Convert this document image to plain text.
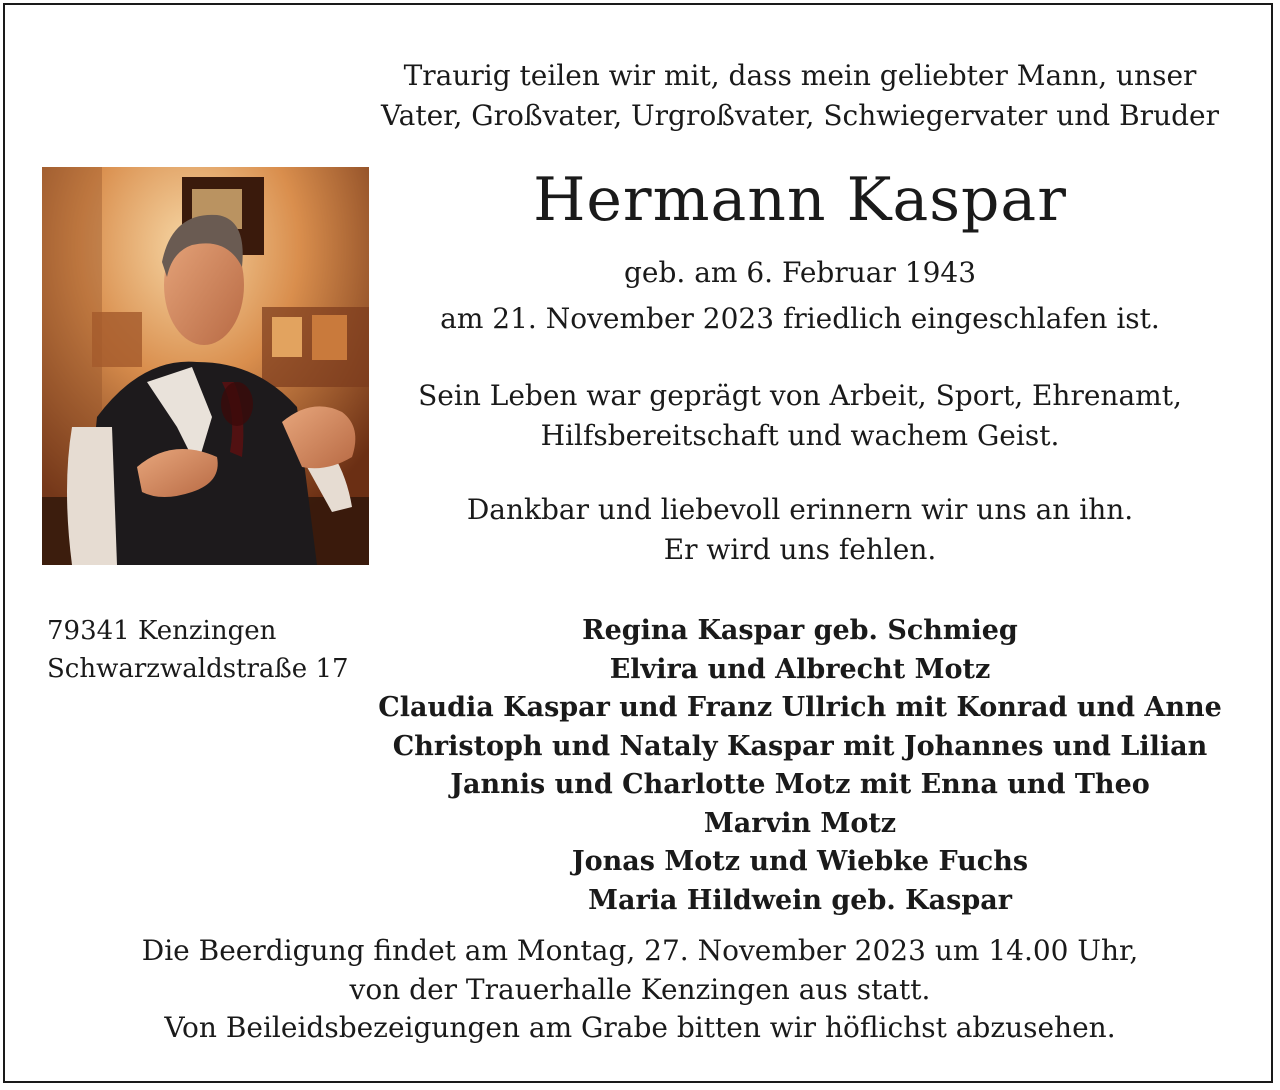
Traurig teilen wir mit, dass mein geliebter Mann, unser
Vater, Großvater, Urgroßvater, Schwiegervater und Bruder
Hermann Kaspar
geb. am 6. Februar 1943
am 21. November 2023 friedlich eingeschlafen ist.
Sein Leben war geprägt von Arbeit, Sport, Ehrenamt,
Hilfsbereitschaft und wachem Geist.
Dankbar und liebevoll erinnern wir uns an ihn.
Er wird uns fehlen.
79341 Kenzingen
Schwarzwaldstraße 17
Regina Kaspar geb. Schmieg
Elvira und Albrecht Motz
Claudia Kaspar und Franz Ullrich mit Konrad und Anne
Christoph und Nataly Kaspar mit Johannes und Lilian
Jannis und Charlotte Motz mit Enna und Theo
Marvin Motz
Jonas Motz und Wiebke Fuchs
Maria Hildwein geb. Kaspar
Die Beerdigung findet am Montag, 27. November 2023 um 14.00 Uhr,
von der Trauerhalle Kenzingen aus statt.
Von Beileidsbezeigungen am Grabe bitten wir höflichst abzusehen.
